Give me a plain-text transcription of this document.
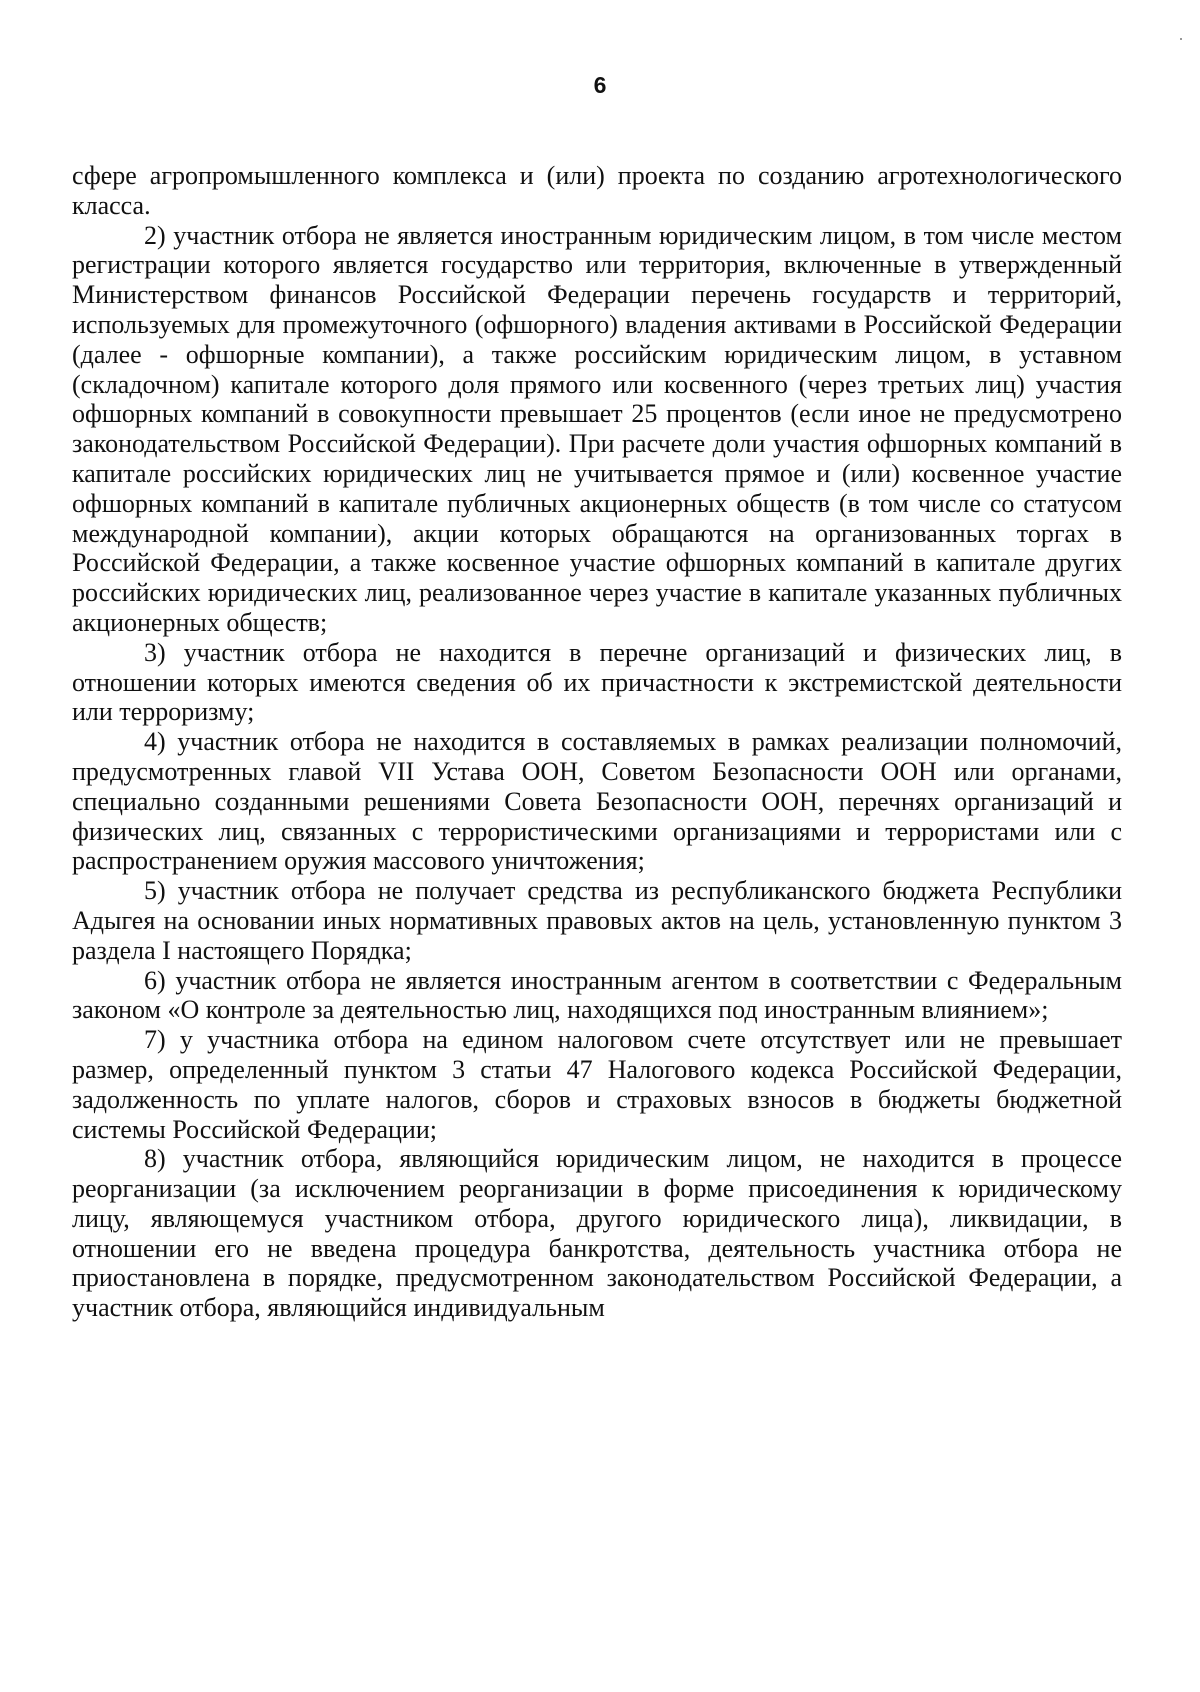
6

сфере агропромышленного комплекса и (или) проекта по созданию агротехнологического класса.

2) участник отбора не является иностранным юридическим лицом, в том числе местом регистрации которого является государство или территория, включенные в утвержденный Министерством финансов Российской Федерации перечень государств и территорий, используемых для промежуточного (офшорного) владения активами в Российской Федерации (далее - офшорные компании), а также российским юридическим лицом, в уставном (складочном) капитале которого доля прямого или косвенного (через третьих лиц) участия офшорных компаний в совокупности превышает 25 процентов (если иное не предусмотрено законодательством Российской Федерации). При расчете доли участия офшорных компаний в капитале российских юридических лиц не учитывается прямое и (или) косвенное участие офшорных компаний в капитале публичных акционерных обществ (в том числе со статусом международной компании), акции которых обращаются на организованных торгах в Российской Федерации, а также косвенное участие офшорных компаний в капитале других российских юридических лиц, реализованное через участие в капитале указанных публичных акционерных обществ;

3) участник отбора не находится в перечне организаций и физических лиц, в отношении которых имеются сведения об их причастности к экстремистской деятельности или терроризму;

4) участник отбора не находится в составляемых в рамках реализации полномочий, предусмотренных главой VII Устава ООН, Советом Безопасности ООН или органами, специально созданными решениями Совета Безопасности ООН, перечнях организаций и физических лиц, связанных с террористическими организациями и террористами или с распространением оружия массового уничтожения;

5) участник отбора не получает средства из республиканского бюджета Республики Адыгея на основании иных нормативных правовых актов на цель, установленную пунктом 3 раздела I настоящего Порядка;

6) участник отбора не является иностранным агентом в соответствии с Федеральным законом «О контроле за деятельностью лиц, находящихся под иностранным влиянием»;

7) у участника отбора на едином налоговом счете отсутствует или не превышает размер, определенный пунктом 3 статьи 47 Налогового кодекса Российской Федерации, задолженность по уплате налогов, сборов и страховых взносов в бюджеты бюджетной системы Российской Федерации;

8) участник отбора, являющийся юридическим лицом, не находится в процессе реорганизации (за исключением реорганизации в форме присоединения к юридическому лицу, являющемуся участником отбора, другого юридического лица), ликвидации, в отношении его не введена процедура банкротства, деятельность участника отбора не приостановлена в порядке, предусмотренном законодательством Российской Федерации, а участник отбора, являющийся индивидуальным
